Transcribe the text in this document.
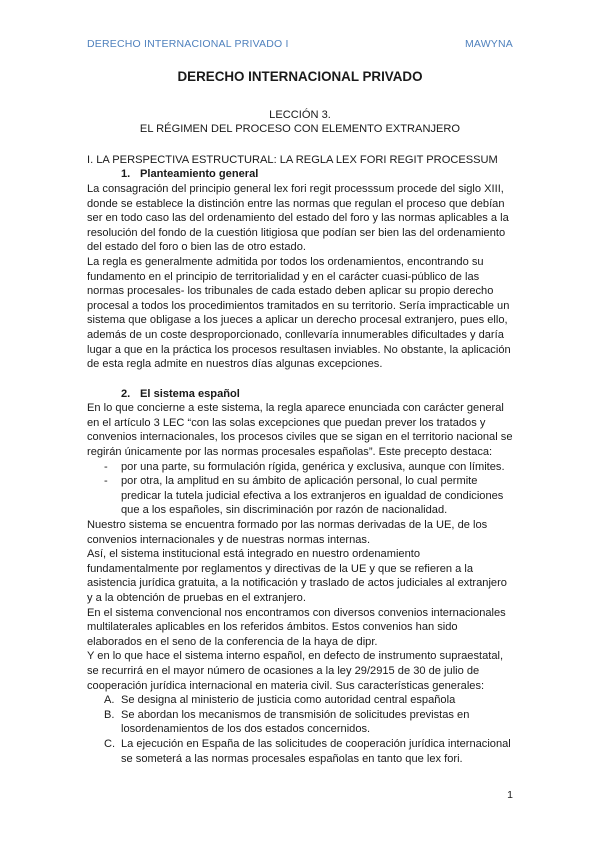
DERECHO INTERNACIONAL PRIVADO I	MAWYNA
DERECHO INTERNACIONAL PRIVADO
LECCIÓN 3.
EL RÉGIMEN DEL PROCESO CON ELEMENTO EXTRANJERO
I. LA PERSPECTIVA ESTRUCTURAL: LA REGLA LEX FORI REGIT PROCESSUM
1. Planteamiento general

La consagración del principio general lex fori regit processsum procede del siglo XIII, donde se establece la distinción entre las normas que regulan el proceso que debían ser en todo caso las del ordenamiento del estado del foro y las normas aplicables a la resolución del fondo de la cuestión litigiosa que podían ser bien las del ordenamiento del estado del foro o bien las de otro estado.

La regla es generalmente admitida por todos los ordenamientos, encontrando su fundamento en el principio de territorialidad y en el carácter cuasi-público de las normas procesales- los tribunales de cada estado deben aplicar su propio derecho procesal a todos los procedimientos tramitados en su territorio. Sería impracticable un sistema que obligase a los jueces a aplicar un derecho procesal extranjero, pues ello, además de un coste desproporcionado, conllevaría innumerables dificultades y daría lugar a que en la práctica los procesos resultasen inviables. No obstante, la aplicación de esta regla admite en nuestros días algunas excepciones.

2. El sistema español

En lo que concierne a este sistema, la regla aparece enunciada con carácter general en el artículo 3 LEC “con las solas excepciones que puedan prever los tratados y convenios internacionales, los procesos civiles que se sigan en el territorio nacional se regirán únicamente por las normas procesales españolas”. Este precepto destaca:

- por una parte, su formulación rígida, genérica y exclusiva, aunque con límites.
- por otra, la amplitud en su ámbito de aplicación personal, lo cual permite predicar la tutela judicial efectiva a los extranjeros en igualdad de condiciones que a los españoles, sin discriminación por razón de nacionalidad.

Nuestro sistema se encuentra formado por las normas derivadas de la UE, de los convenios internacionales y de nuestras normas internas.

Así, el sistema institucional está integrado en nuestro ordenamiento fundamentalmente por reglamentos y directivas de la UE y que se refieren a la asistencia jurídica gratuita, a la notificación y traslado de actos judiciales al extranjero y a la obtención de pruebas en el extranjero.

En el sistema convencional nos encontramos con diversos convenios internacionales multilaterales aplicables en los referidos ámbitos. Estos convenios han sido elaborados en el seno de la conferencia de la haya de dipr.

Y en lo que hace el sistema interno español, en defecto de instrumento supraestatal, se recurrirá en el mayor número de ocasiones a la ley 29/2915 de 30 de julio de cooperación jurídica internacional en materia civil. Sus características generales:

A. Se designa al ministerio de justicia como autoridad central española
B. Se abordan los mecanismos de transmisión de solicitudes previstas en losordenamientos de los dos estados concernidos.
C. La ejecución en España de las solicitudes de cooperación jurídica internacional se someterá a las normas procesales españolas en tanto que lex fori.
1
